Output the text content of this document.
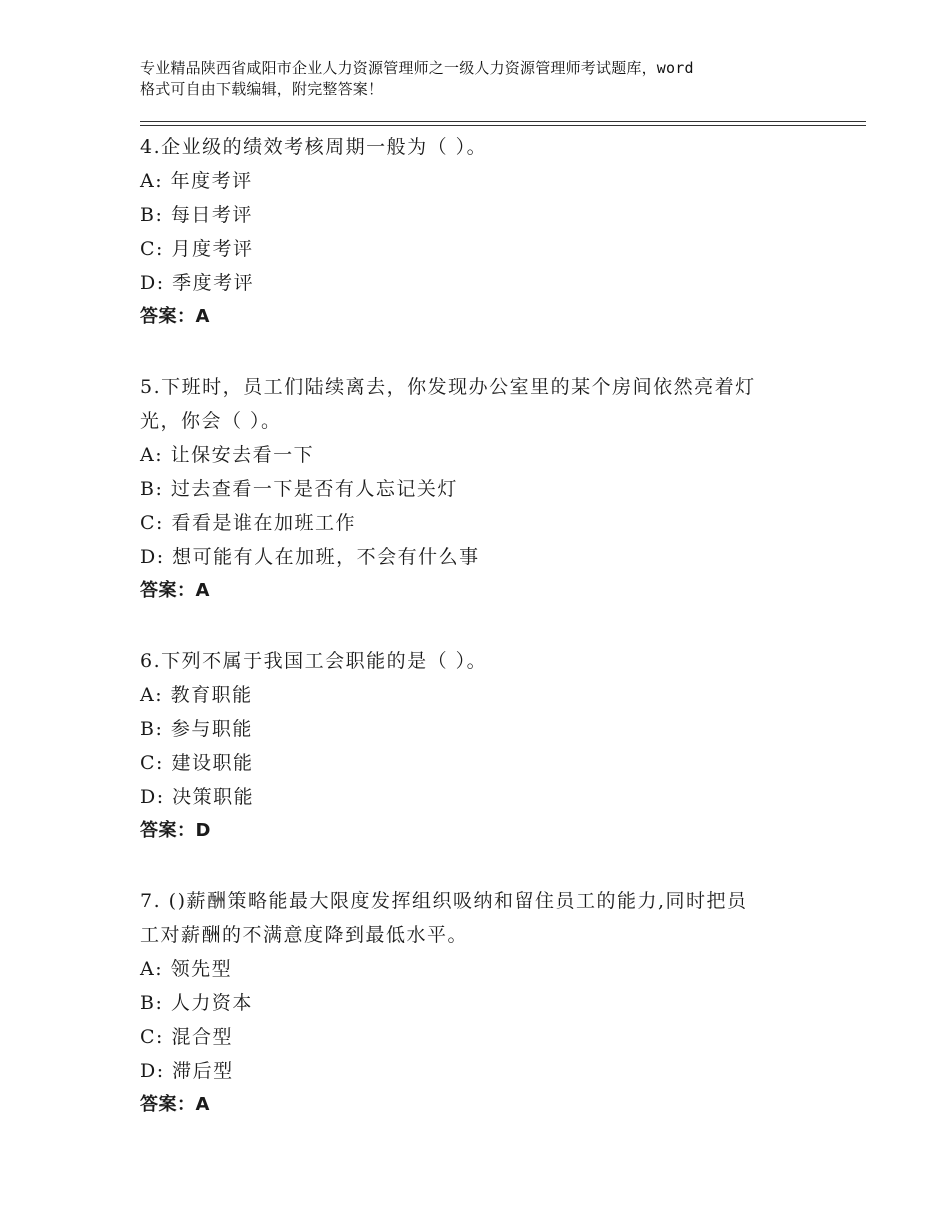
专业精品陕西省咸阳市企业人力资源管理师之一级人力资源管理师考试题库，word
格式可自由下载编辑，附完整答案！
4.企业级的绩效考核周期一般为（ ）。
A: 年度考评
B: 每日考评
C: 月度考评
D: 季度考评
答案：A
5.下班时，员工们陆续离去，你发现办公室里的某个房间依然亮着灯
光，你会（ ）。
A: 让保安去看一下
B: 过去查看一下是否有人忘记关灯
C: 看看是谁在加班工作
D: 想可能有人在加班，不会有什么事
答案：A
6.下列不属于我国工会职能的是（ ）。
A: 教育职能
B: 参与职能
C: 建设职能
D: 决策职能
答案：D
7. ()薪酬策略能最大限度发挥组织吸纳和留住员工的能力,同时把员
工对薪酬的不满意度降到最低水平。
A: 领先型
B: 人力资本
C: 混合型
D: 滞后型
答案：A
